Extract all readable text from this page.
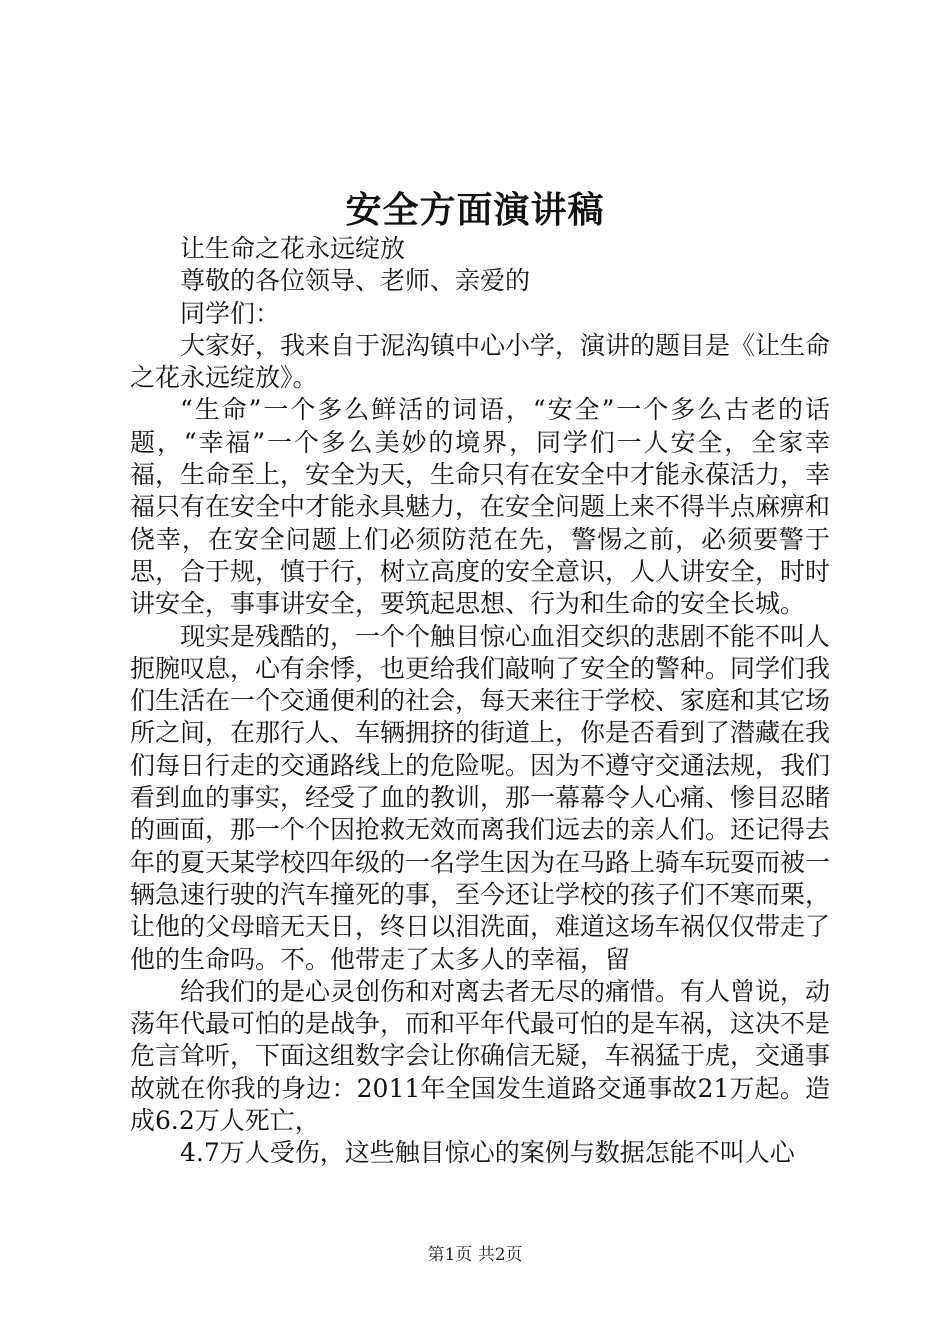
安全方面演讲稿

让生命之花永远绽放

尊敬的各位领导、老师、亲爱的

同学们：

大家好，我来自于泥沟镇中心小学，演讲的题目是《让生命之花永远绽放》。

“生命”一个多么鲜活的词语，“安全”一个多么古老的话题，“幸福”一个多么美妙的境界，同学们一人安全，全家幸福，生命至上，安全为天，生命只有在安全中才能永葆活力，幸福只有在安全中才能永具魅力，在安全问题上来不得半点麻痹和侥幸，在安全问题上们必须防范在先，警惕之前，必须要警于思，合于规，慎于行，树立高度的安全意识，人人讲安全，时时讲安全，事事讲安全，要筑起思想、行为和生命的安全长城。

现实是残酷的，一个个触目惊心血泪交织的悲剧不能不叫人扼腕叹息，心有余悸，也更给我们敲响了安全的警种。同学们我们生活在一个交通便利的社会，每天来往于学校、家庭和其它场所之间，在那行人、车辆拥挤的街道上，你是否看到了潜藏在我们每日行走的交通路线上的危险呢。因为不遵守交通法规，我们看到血的事实，经受了血的教训，那一幕幕令人心痛、惨目忍睹的画面，那一个个因抢救无效而离我们远去的亲人们。还记得去年的夏天某学校四年级的一名学生因为在马路上骑车玩耍而被一辆急速行驶的汽车撞死的事，至今还让学校的孩子们不寒而栗，让他的父母暗无天日，终日以泪洗面，难道这场车祸仅仅带走了他的生命吗。不。他带走了太多人的幸福，留

给我们的是心灵创伤和对离去者无尽的痛惜。有人曾说，动荡年代最可怕的是战争，而和平年代最可怕的是车祸，这决不是危言耸听，下面这组数字会让你确信无疑，车祸猛于虎，交通事故就在你我的身边：2011年全国发生道路交通事故21万起。造成6.2万人死亡，

4.7万人受伤，这些触目惊心的案例与数据怎能不叫人心

第1页 共2页
